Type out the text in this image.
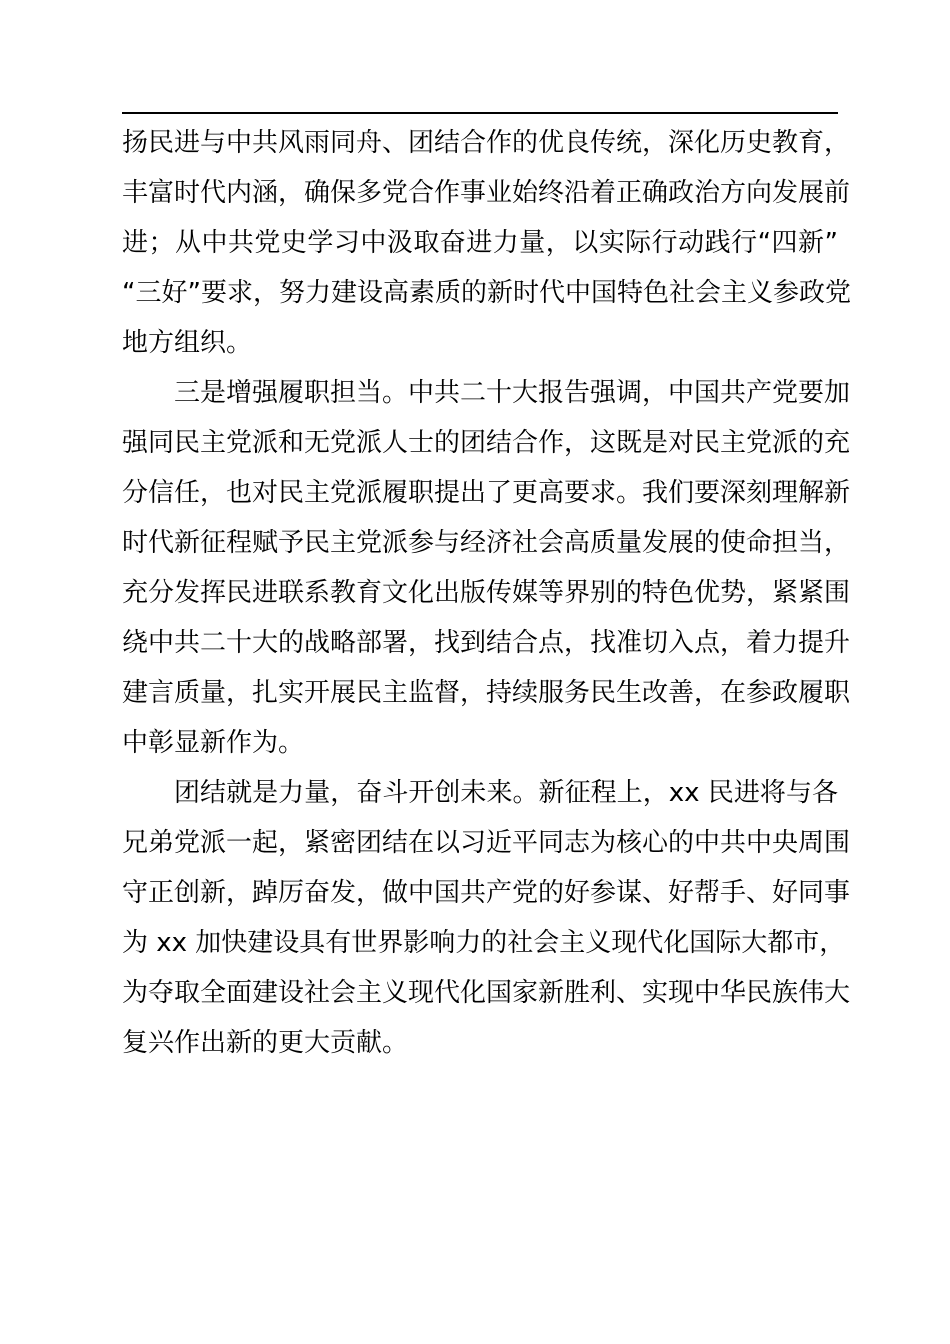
扬民进与中共风雨同舟、团结合作的优良传统，深化历史教育，
丰富时代内涵，确保多党合作事业始终沿着正确政治方向发展前
进；从中共党史学习中汲取奋进力量，以实际行动践行“四新”
“三好”要求，努力建设高素质的新时代中国特色社会主义参政党
地方组织。
三是增强履职担当。中共二十大报告强调，中国共产党要加
强同民主党派和无党派人士的团结合作，这既是对民主党派的充
分信任，也对民主党派履职提出了更高要求。我们要深刻理解新
时代新征程赋予民主党派参与经济社会高质量发展的使命担当，
充分发挥民进联系教育文化出版传媒等界别的特色优势，紧紧围
绕中共二十大的战略部署，找到结合点，找准切入点，着力提升
建言质量，扎实开展民主监督，持续服务民生改善，在参政履职
中彰显新作为。
团结就是力量，奋斗开创未来。新征程上，xx 民进将与各
兄弟党派一起，紧密团结在以习近平同志为核心的中共中央周围
守正创新，踔厉奋发，做中国共产党的好参谋、好帮手、好同事
为 xx 加快建设具有世界影响力的社会主义现代化国际大都市，
为夺取全面建设社会主义现代化国家新胜利、实现中华民族伟大
复兴作出新的更大贡献。
